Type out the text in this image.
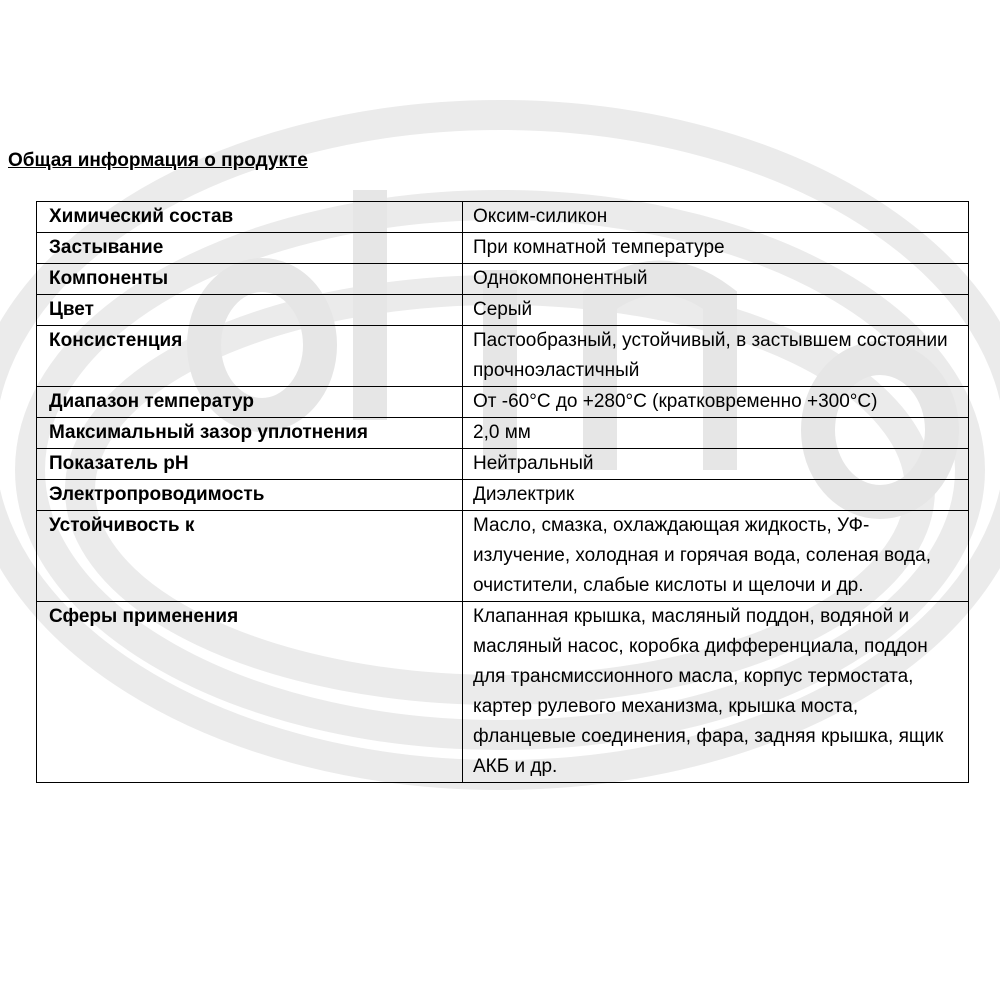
Общая информация о продукте
Химический состав	Оксим-силикон
Застывание	При комнатной температуре
Компоненты	Однокомпонентный
Цвет	Серый
Консистенция	Пастообразный, устойчивый, в застывшем состоянии прочноэластичный
Диапазон температур	От -60°С до +280°С (кратковременно +300°С)
Максимальный зазор уплотнения	2,0 мм
Показатель рН	Нейтральный
Электропроводимость	Диэлектрик
Устойчивость к	Масло, смазка, охлаждающая жидкость, УФ-излучение, холодная и горячая вода, соленая вода, очистители, слабые кислоты и щелочи и др.
Сферы применения	Клапанная крышка, масляный поддон, водяной и масляный насос, коробка дифференциала, поддон для трансмиссионного масла, корпус термостата, картер рулевого механизма, крышка моста, фланцевые соединения, фара, задняя крышка, ящик АКБ и др.
